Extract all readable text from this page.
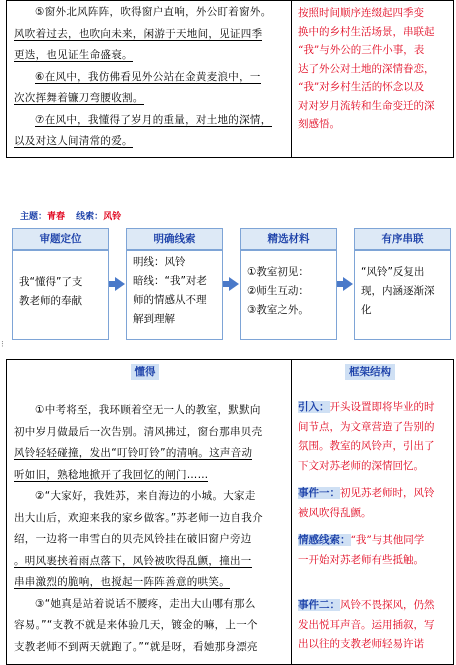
⑤窗外北风阵阵，吹得窗户直响，外公盯着窗外。

风吹着过去，也吹向未来，闲游于天地间，见证四季

更迭，也见证生命盛衰。

⑥在风中，我仿佛看见外公站在金黄麦浪中，一

次次挥舞着镰刀弯腰收割。

⑦在风中，我懂得了岁月的重量，对土地的深情，

以及对这人间清常的爱。

按照时间顺序连缀起四季变

换中的乡村生活场景，串联起

“我”与外公的三件小事，表

达了外公对土地的深情眷恋，

“我”对乡村生活的怀念以及

对对岁月流转和生命变迁的深

刻感悟。

主题：青春 线索：风铃
审题定位
我“懂得”了支
教老师的奉献
明确线索
明线：风铃
暗线：“我”对老
师的情感从不理
解到理解
精选材料
①教室初见：
②师生互动：
③教室之外。
有序串联
“风铃”反复出
现，内涵逐渐深化
⁝
懂得	框架结构

①中考将至，我环顾着空无一人的教室，默默向

初中岁月做最后一次告别。清风拂过，窗台那串贝壳

风铃轻轻碰撞，发出“叮铃叮铃”的清响。这声音动

听如旧，熟稔地掀开了我回忆的闸门……

②“大家好，我姓苏，来自海边的小城。大家走

出大山后，欢迎来我的家乡做客。”苏老师一边自我介

绍，一边将一串雪白的贝壳风铃挂在破旧窗户旁边

。明风裹挟着雨点落下，风铃被吹得乱颤，撞出一

串串激烈的脆响，也搅起一阵阵善意的哄笑。

③“她真是站着说话不腰疼，走出大山哪有那么

容易。”“支教不就是来体验几天，镀金的嘛，上一个

支教老师不到两天就跑了。”“就是呀，看她那身漂亮

引入：开头设置即将毕业的时

间节点，为文章营造了告别的

氛围。教室的风铃声，引出了

下文对苏老师的深情回忆。

事件一：初见苏老师时，风铃

被风吹得乱颤。

情感线索：“我”与其他同学

一开始对苏老师有些抵触。

事件二：风铃不畏探风，仍然

发出悦耳声音。运用插叙，写

出以往的支教老师轻易许诺
